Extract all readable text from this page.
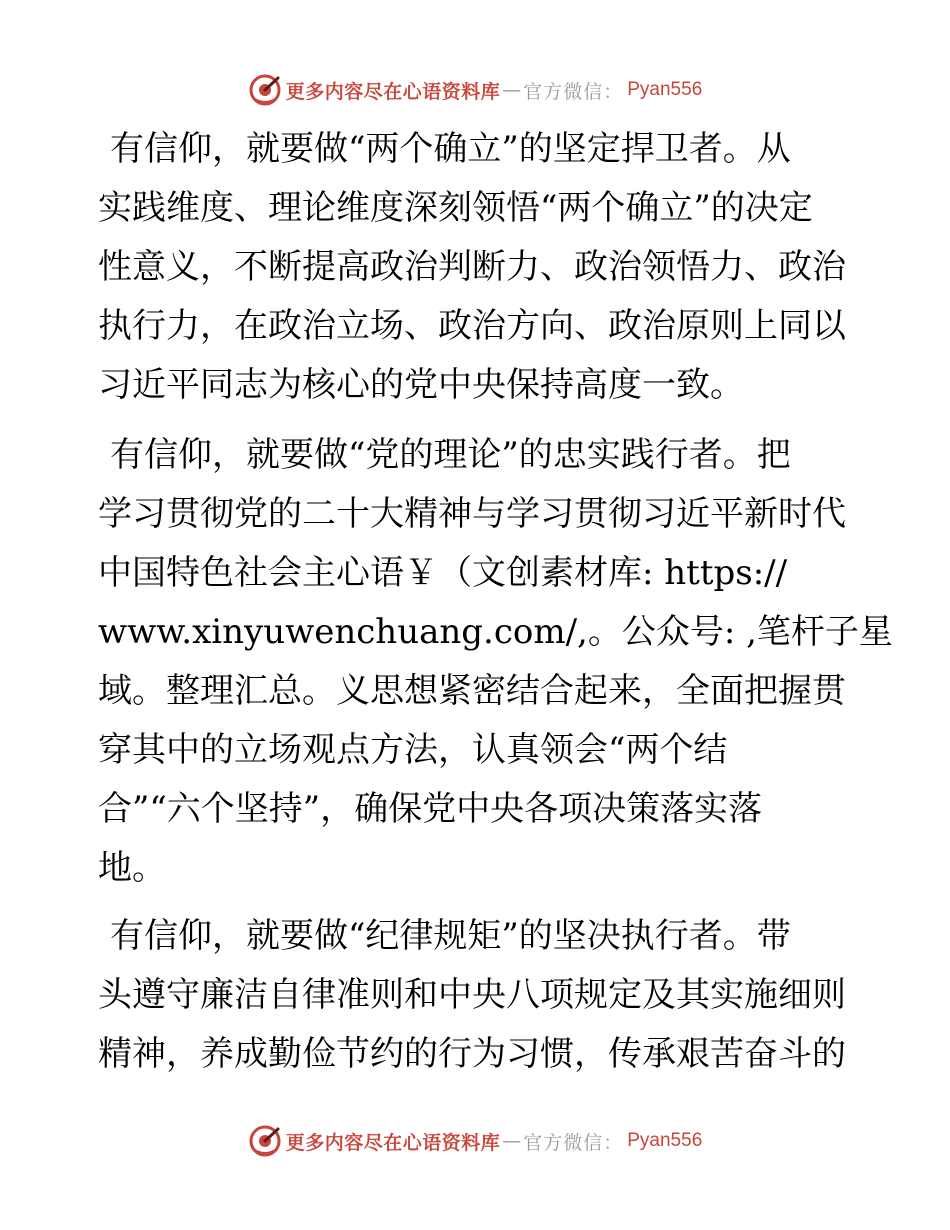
更多内容尽在心语资料库 — 官方微信： Pyan556

有信仰，就要做“两个确立”的坚定捍卫者。从
实践维度、理论维度深刻领悟“两个确立”的决定
性意义，不断提高政治判断力、政治领悟力、政治
执行力，在政治立场、政治方向、政治原则上同以
习近平同志为核心的党中央保持高度一致。

有信仰，就要做“党的理论”的忠实践行者。把
学习贯彻党的二十大精神与学习贯彻习近平新时代
中国特色社会主心语￥（文创素材库: https://
www.xinyuwenchuang.com/,。公众号: ,笔杆子星
域。整理汇总。义思想紧密结合起来，全面把握贯
穿其中的立场观点方法，认真领会“两个结
合”“六个坚持”，确保党中央各项决策落实落
地。

有信仰，就要做“纪律规矩”的坚决执行者。带
头遵守廉洁自律准则和中央八项规定及其实施细则
精神，养成勤俭节约的行为习惯，传承艰苦奋斗的

更多内容尽在心语资料库 — 官方微信： Pyan556
